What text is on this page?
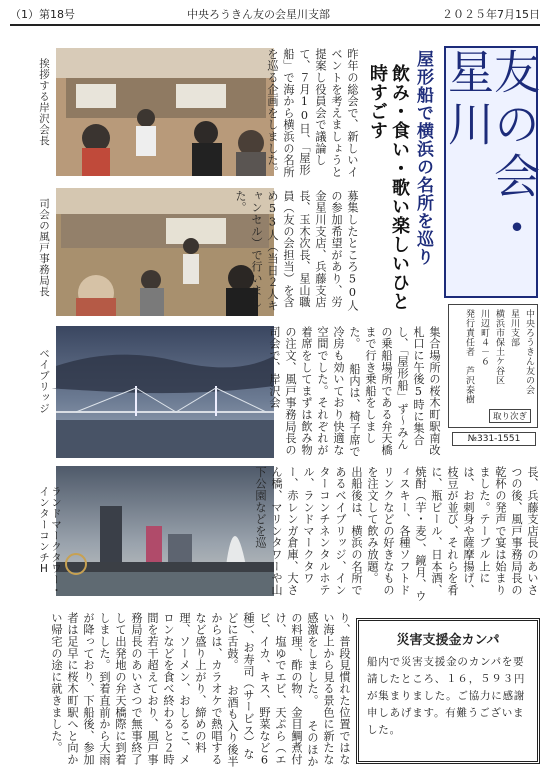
（1）第18号	中央ろうきん友の会星川支部	２０２５年7月15日
挨拶する岸沢会長
司会の風戸事務局長
ベイブリッジ
ランドマークタワー・インターコンチH
昨年の総会で、新しいイベントを考えましょうと提案し役員会で議論して、７月10日、「屋形船」で海から横浜の名所を巡る企画をしました。
募集したところ50人の参加希望があり、労金星川支店、兵藤支店長、玉木次長、星山職員（友の会担当）を含め53人（当日２人キャンセル）で行いました。
集合場所の桜木町駅南改札口に午後5時に集合し、「屋形船」ず～みんの乗船場所である弁天橋まで行き乗船をしました。 船内は、椅子席で冷房も効いており快適な空間でした。それぞれが着席をしてまずは飲み物の注文、風戸事務局長の司会で、岸沢会
長、兵藤支店長のあいさつの後、風戸事務局長の乾杯の発声で宴は始まりました。テーブル上には、お刺身や薩摩揚げ、枝豆が並び、それらを肴に、瓶ビール、日本酒、焼酎（芋・麦）、鏡月、ウィスキー、各種ソフトドリンクなどの好きなものを注文して飲み放題。 出船後は、横浜の名所であるベイブリッジ、インターコンチネンタルホテル、ランドマークタワー、赤レンガ倉庫、大さん橋、マリンタワーや山下公園などを巡
り、普段見慣れた位置ではない海上から見る景色に新たな感激をしました。 そのほかの料理、酢の物、金目鯛煮付け、塩ゆでエビ、天ぷら（エビ、イカ、キス、野菜など6種）、お寿司（サービス）などに舌鼓。 お酒も入り後半からは、カラオケで熱唱するなど盛り上がり、締めの料理、ソーメン、おしるこ、メロンなどを食べ終わると２時間を若干超えており、風戸事務局長のあいさつで無事終了して出発地の弁天橋際に到着しました。到着直前から大雨が降っており、下船後、参加者は足早に桜木町駅へと向かい帰宅の途に就きました。
屋形船で横浜の名所を巡り
飲み・食い・歌い楽しいひと時すごす	友の会・星川
中央ろうきん友の会
星川支部
横浜市保土ケ谷区
川辺町４－６
発行責任者　芦沢泰樹
取り次ぎ
№331-1551
災害支援金カンパ
船内で災害支援金のカンパを要請したところ、１６，５９３円が集まりました。ご協力に感謝申しあげます。有難うございました。
